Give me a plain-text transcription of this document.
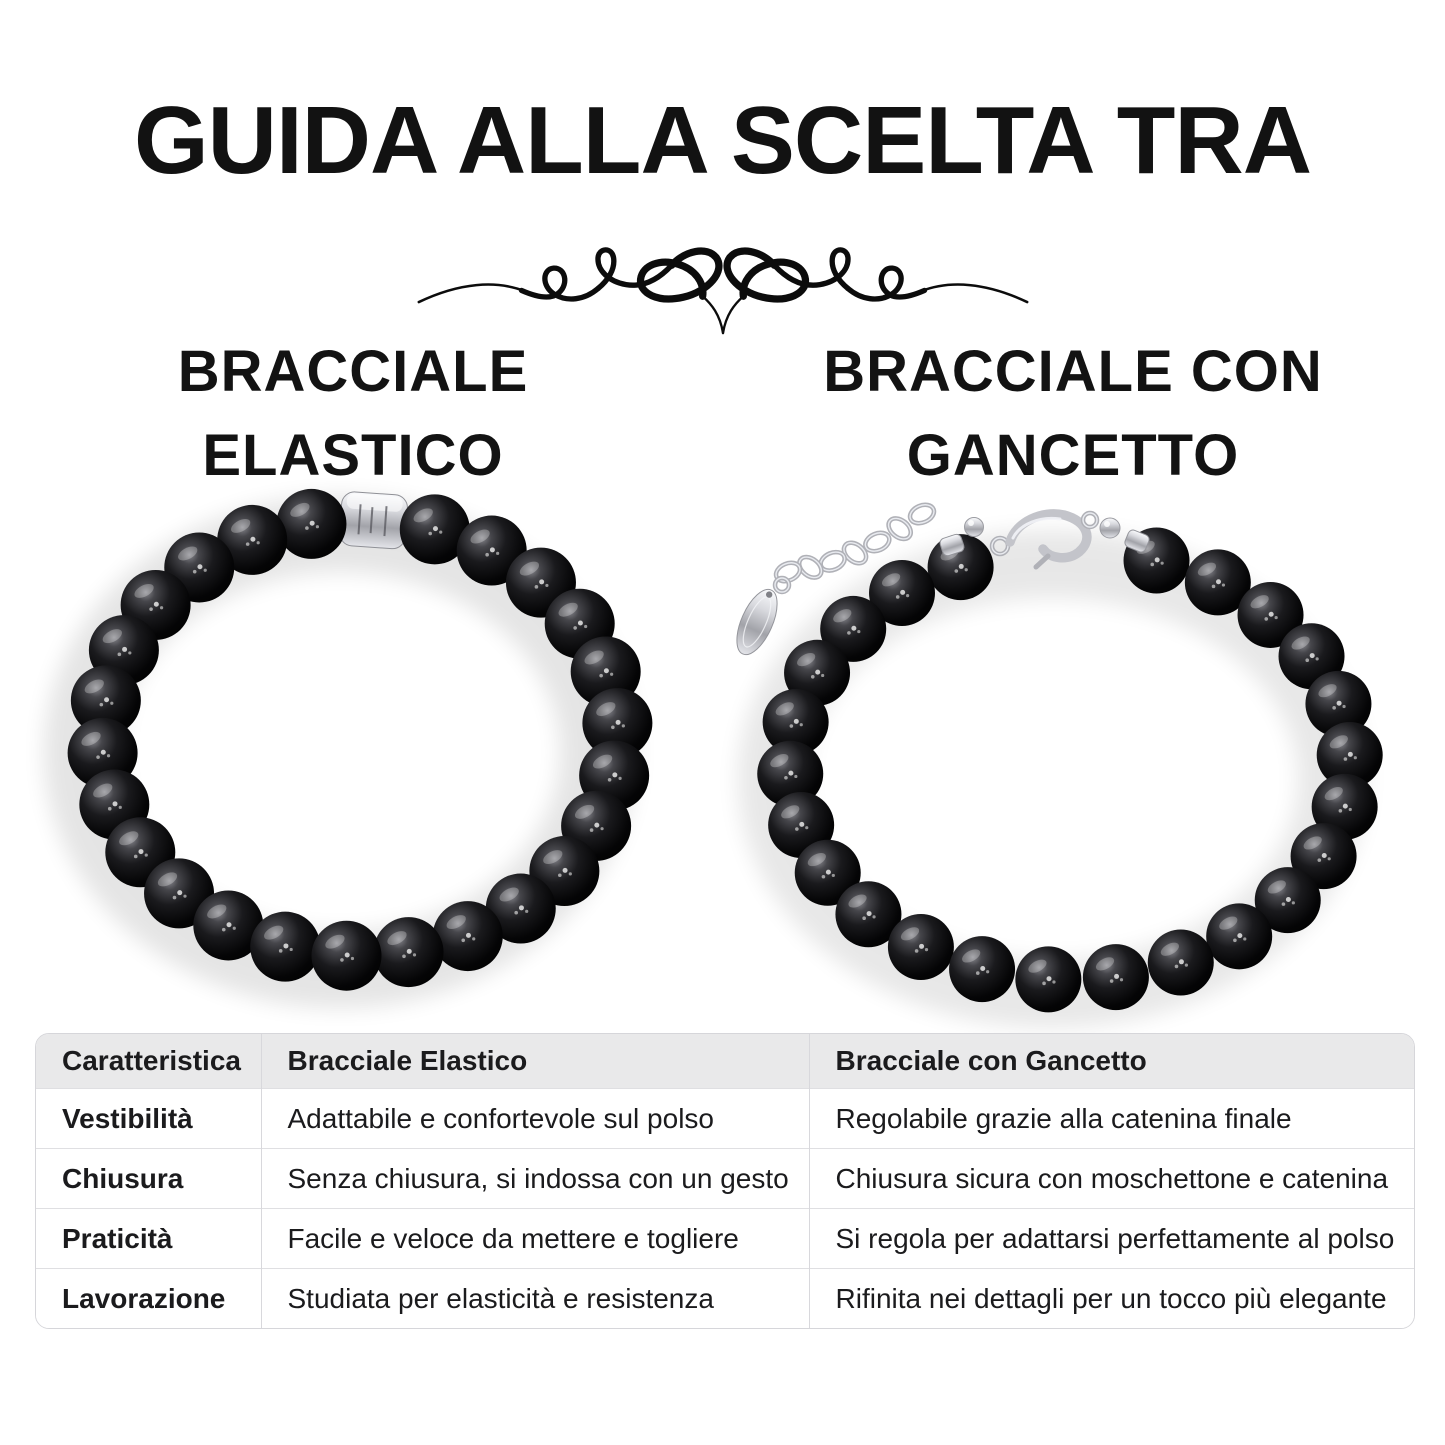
GUIDA ALLA SCELTA TRA
BRACCIALE
ELASTICO
BRACCIALE CON
GANCETTO
Caratteristica	Bracciale Elastico	Bracciale con Gancetto
Vestibilità	Adattabile e confortevole sul polso	Regolabile grazie alla catenina finale
Chiusura	Senza chiusura, si indossa con un gesto	Chiusura sicura con moschettone e catenina
Praticità	Facile e veloce da mettere e togliere	Si regola per adattarsi perfettamente al polso
Lavorazione	Studiata per elasticità e resistenza	Rifinita nei dettagli per un tocco più elegante
